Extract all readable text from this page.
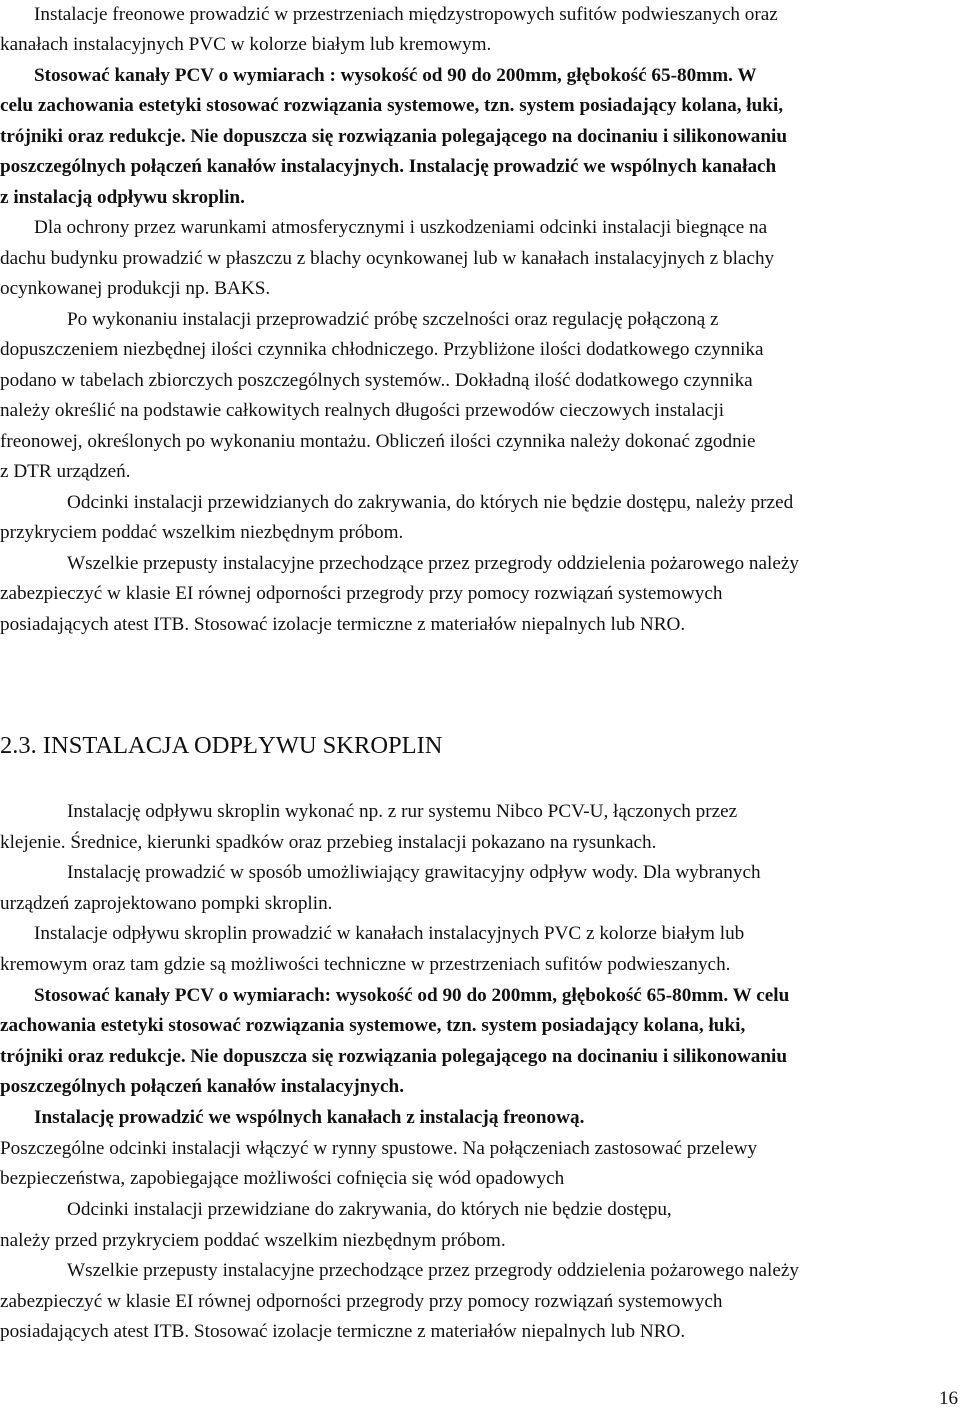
Instalacje freonowe prowadzić w przestrzeniach międzystropowych sufitów podwieszanych oraz
kanałach instalacyjnych PVC w kolorze białym lub kremowym.
Stosować kanały PCV o wymiarach : wysokość od 90 do 200mm, głębokość 65-80mm. W
celu zachowania estetyki stosować rozwiązania systemowe, tzn. system posiadający kolana, łuki,
trójniki oraz redukcje. Nie dopuszcza się rozwiązania polegającego na docinaniu i silikonowaniu
poszczególnych połączeń kanałów instalacyjnych. Instalację prowadzić we wspólnych kanałach
z instalacją odpływu skroplin.
Dla ochrony przez warunkami atmosferycznymi i uszkodzeniami odcinki instalacji biegnące na
dachu budynku prowadzić w płaszczu z blachy ocynkowanej lub w kanałach instalacyjnych z blachy
ocynkowanej produkcji np. BAKS.
Po wykonaniu instalacji przeprowadzić próbę szczelności oraz regulację połączoną z
dopuszczeniem niezbędnej ilości czynnika chłodniczego. Przybliżone ilości dodatkowego czynnika
podano w tabelach zbiorczych poszczególnych systemów.. Dokładną ilość dodatkowego czynnika
należy określić na podstawie całkowitych realnych długości przewodów cieczowych instalacji
freonowej, określonych po wykonaniu montażu. Obliczeń ilości czynnika należy dokonać zgodnie
z DTR urządzeń.
Odcinki instalacji przewidzianych do zakrywania, do których nie będzie dostępu, należy przed
przykryciem poddać wszelkim niezbędnym próbom.
Wszelkie przepusty instalacyjne przechodzące przez przegrody oddzielenia pożarowego należy
zabezpieczyć w klasie EI równej odporności przegrody przy pomocy rozwiązań systemowych
posiadających atest ITB. Stosować izolacje termiczne z materiałów niepalnych lub NRO.
2.3. INSTALACJA ODPŁYWU SKROPLIN
Instalację odpływu skroplin wykonać np. z rur systemu Nibco PCV-U, łączonych przez
klejenie. Średnice, kierunki spadków oraz przebieg instalacji pokazano na rysunkach.
Instalację prowadzić w sposób umożliwiający grawitacyjny odpływ wody. Dla wybranych
urządzeń zaprojektowano pompki skroplin.
Instalacje odpływu skroplin prowadzić w kanałach instalacyjnych PVC z kolorze białym lub
kremowym oraz tam gdzie są możliwości techniczne w przestrzeniach sufitów podwieszanych.
Stosować kanały PCV o wymiarach: wysokość od 90 do 200mm, głębokość 65-80mm. W celu
zachowania estetyki stosować rozwiązania systemowe, tzn. system posiadający kolana, łuki,
trójniki oraz redukcje. Nie dopuszcza się rozwiązania polegającego na docinaniu i silikonowaniu
poszczególnych połączeń kanałów instalacyjnych.
Instalację prowadzić we wspólnych kanałach z instalacją freonową.
Poszczególne odcinki instalacji włączyć w rynny spustowe. Na połączeniach zastosować przelewy
bezpieczeństwa, zapobiegające możliwości cofnięcia się wód opadowych
Odcinki instalacji przewidziane do zakrywania, do których nie będzie dostępu,
należy przed przykryciem poddać wszelkim niezbędnym próbom.
Wszelkie przepusty instalacyjne przechodzące przez przegrody oddzielenia pożarowego należy
zabezpieczyć w klasie EI równej odporności przegrody przy pomocy rozwiązań systemowych
posiadających atest ITB. Stosować izolacje termiczne z materiałów niepalnych lub NRO.
16
